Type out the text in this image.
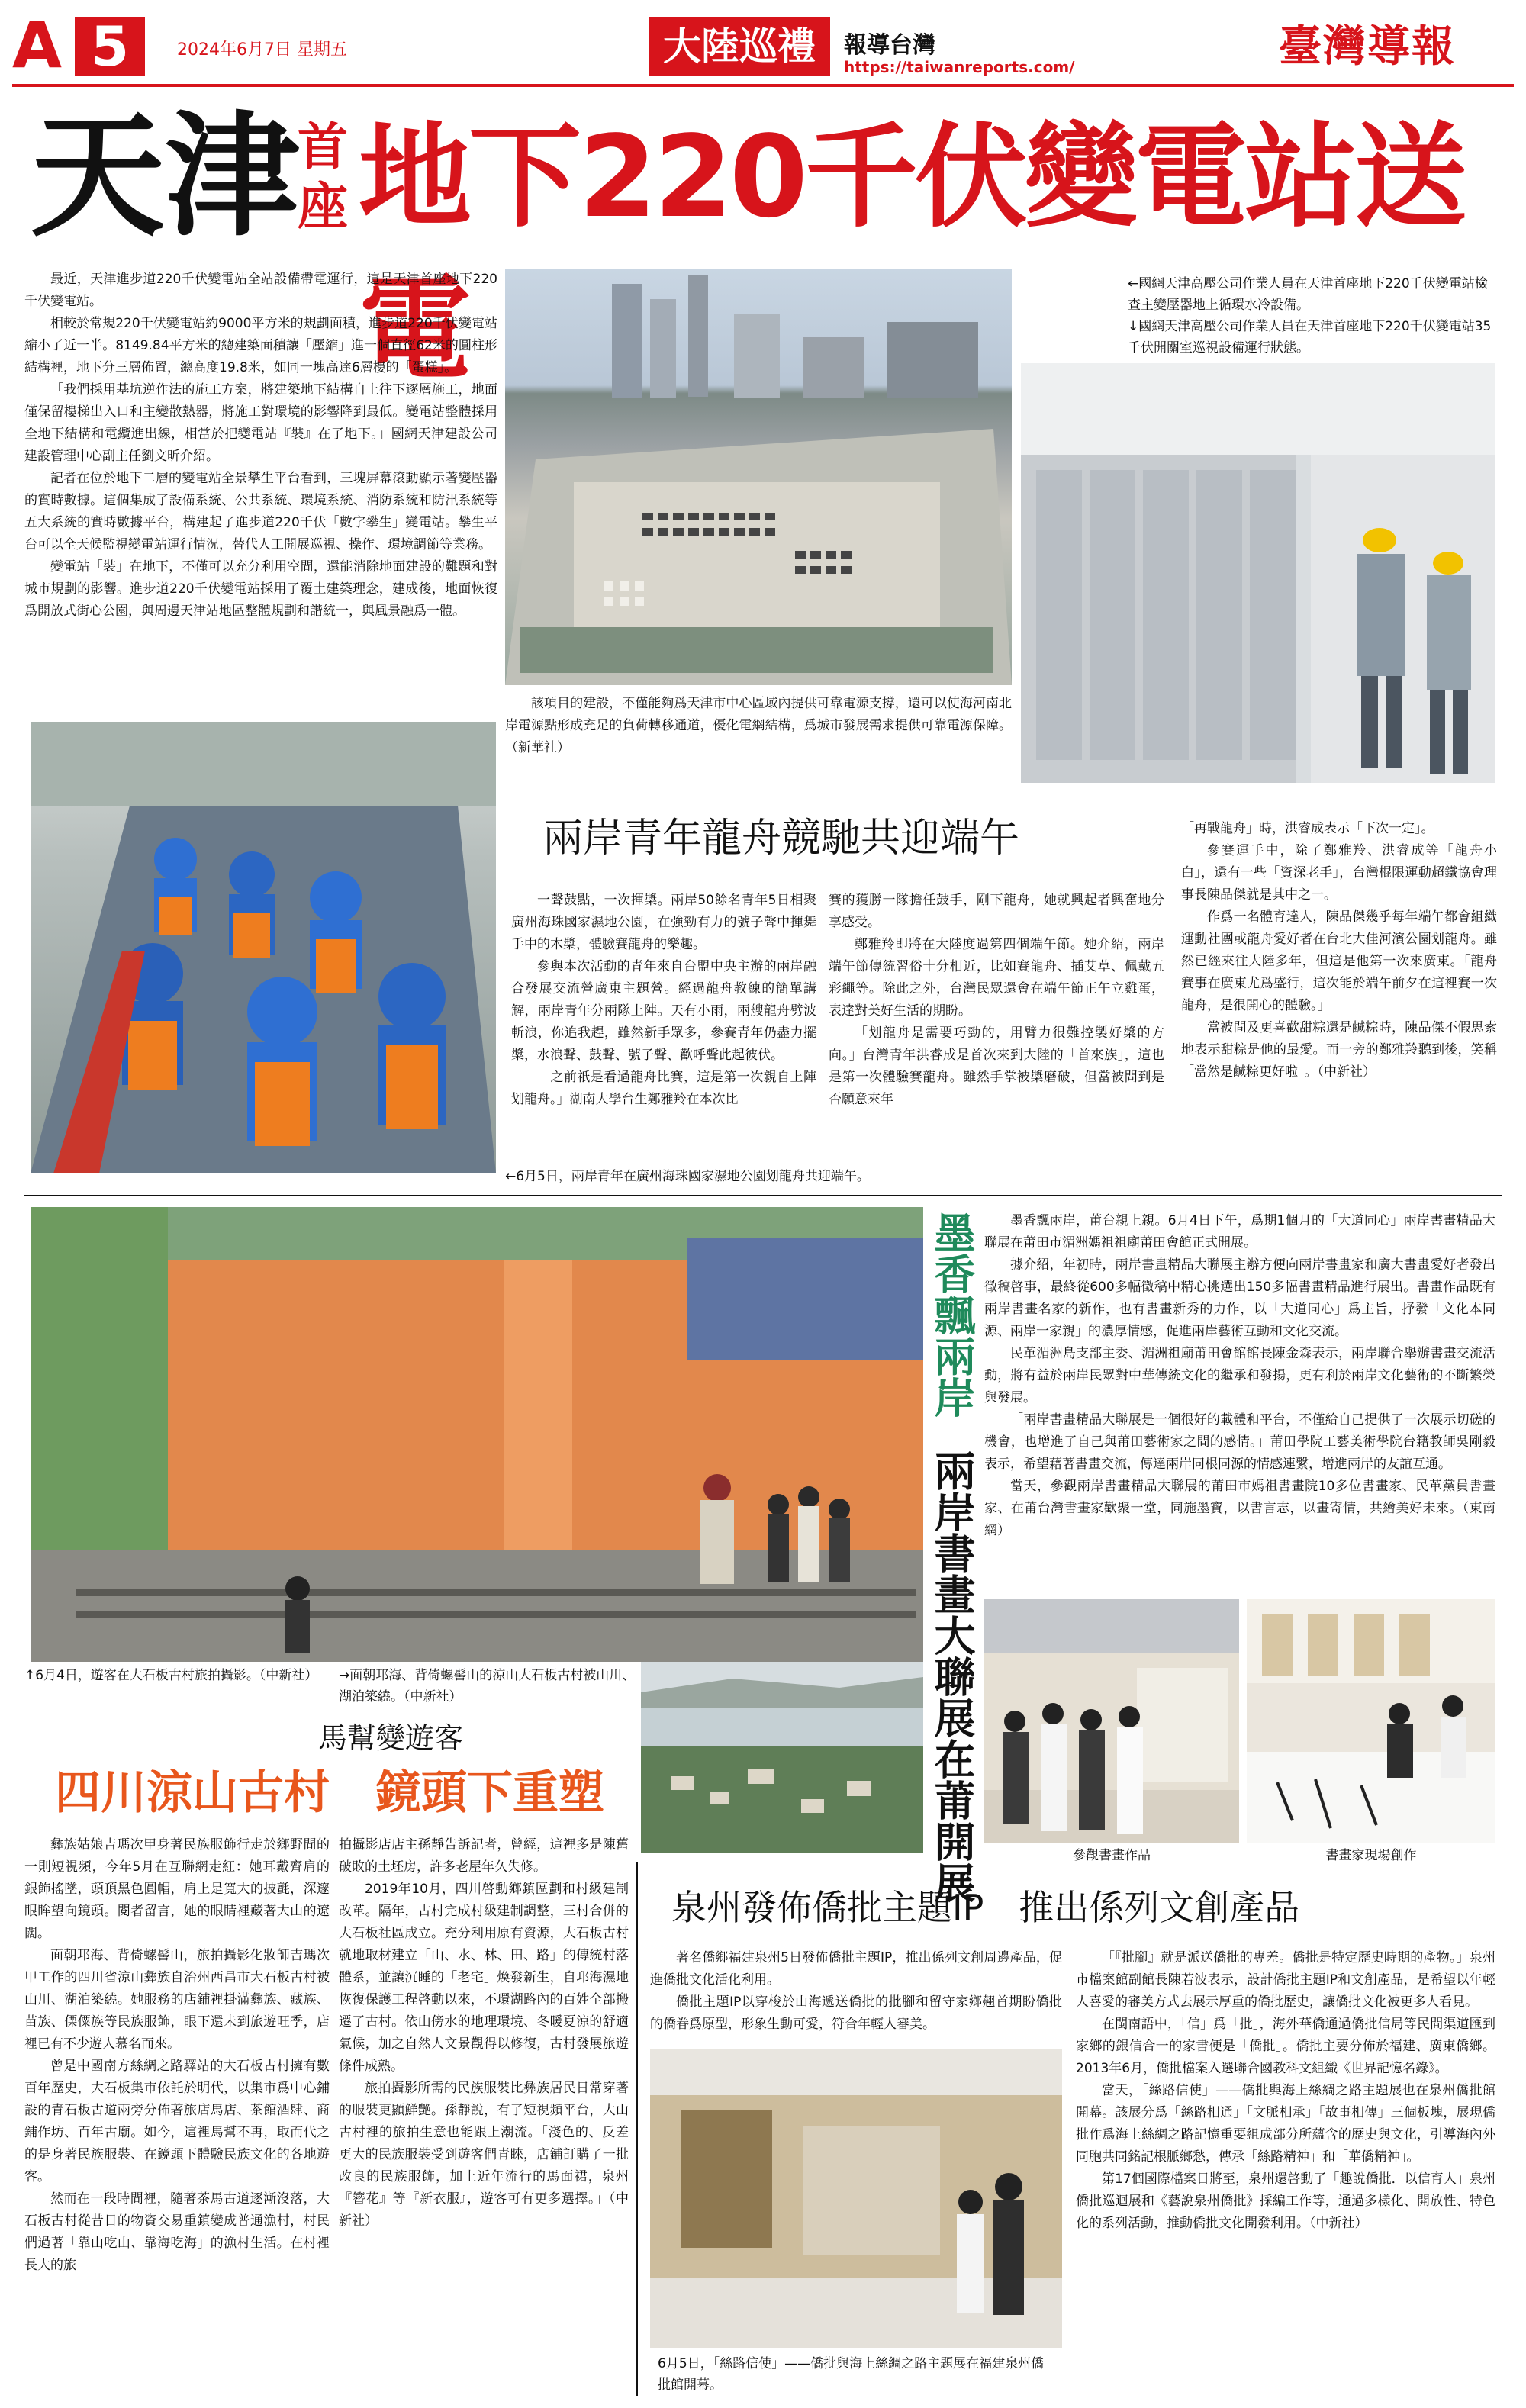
A 5	2024年6月7日 星期五	大陸巡禮	報導台灣
https://taiwanreports.com/	臺灣導報
天津
首座 地下220千伏變電站送電

最近，天津進步道220千伏變電站全站設備帶電運行，這是天津首座地下220千伏變電站。

相較於常規220千伏變電站約9000平方米的規劃面積，進步道220千伏變電站縮小了近一半。8149.84平方米的總建築面積讓「壓縮」進一個直徑62米的圓柱形結構裡，地下分三層佈置，總高度19.8米，如同一塊高達6層樓的「蛋糕」。

「我們採用基坑逆作法的施工方案，將建築地下結構自上往下逐層施工，地面僅保留樓梯出入口和主變散熱器，將施工對環境的影響降到最低。變電站整體採用全地下結構和電纜進出線，相當於把變電站『裝』在了地下。」國網天津建設公司建設管理中心副主任劉文昕介紹。

記者在位於地下二層的變電站全景攀生平台看到，三塊屏幕滾動顯示著變壓器的實時數據。這個集成了設備系統、公共系統、環境系統、消防系統和防汛系統等五大系統的實時數據平台，構建起了進步道220千伏「數字攀生」變電站。攀生平台可以全天候監視變電站運行情況，替代人工開展巡視、操作、環境調節等業務。

變電站「裝」在地下，不僅可以充分利用空間，還能消除地面建設的難題和對城市規劃的影響。進步道220千伏變電站採用了覆土建築理念，建成後，地面恢復爲開放式街心公園，與周邊天津站地區整體規劃和諧統一，與風景融爲一體。

←國網天津高壓公司作業人員在天津首座地下220千伏變電站檢查主變壓器地上循環水冷設備。
↓國網天津高壓公司作業人員在天津首座地下220千伏變電站35千伏開關室巡視設備運行狀態。

該項目的建設，不僅能夠爲天津市中心區域內提供可靠電源支撐，還可以使海河南北岸電源點形成充足的負荷轉移通道，優化電網結構，爲城市發展需求提供可靠電源保障。（新華社）

兩岸青年龍舟競馳共迎端午

一聲鼓點，一次揮槳。兩岸50餘名青年5日相聚廣州海珠國家濕地公園，在強勁有力的號子聲中揮舞手中的木槳，體驗賽龍舟的樂趣。

參與本次活動的青年來自台盟中央主辦的兩岸融合發展交流營廣東主題營。經過龍舟教練的簡單講解，兩岸青年分兩隊上陣。天有小雨，兩艘龍舟劈波斬浪，你追我趕，雖然新手眾多，參賽青年仍盡力擺槳，水浪聲、鼓聲、號子聲、歡呼聲此起彼伏。

「之前祇是看過龍舟比賽，這是第一次親自上陣划龍舟。」湖南大學台生鄭雅羚在本次比

賽的獲勝一隊擔任鼓手，剛下龍舟，她就興起者興奮地分享感受。

鄭雅羚即將在大陸度過第四個端午節。她介紹，兩岸端午節傳統習俗十分相近，比如賽龍舟、插艾草、佩戴五彩繩等。除此之外，台灣民眾還會在端午節正午立雞蛋，表達對美好生活的期盼。

「划龍舟是需要巧勁的，用臂力很難控製好槳的方向。」台灣青年洪睿成是首次來到大陸的「首來族」，這也是第一次體驗賽龍舟。雖然手掌被槳磨破，但當被問到是否願意來年

「再戰龍舟」時，洪睿成表示「下次一定」。

參賽運手中，除了鄭雅羚、洪睿成等「龍舟小白」，還有一些「資深老手」，台灣棍限運動超鐵協會理事長陳品傑就是其中之一。

作爲一名體育達人，陳品傑幾乎每年端午都會組織運動社團或龍舟愛好者在台北大佳河濱公園划龍舟。雖然已經來往大陸多年，但這是他第一次來廣東。「龍舟賽事在廣東尤爲盛行，這次能於端午前夕在這裡賽一次龍舟，是很開心的體驗。」

當被問及更喜歡甜粽還是鹹粽時，陳品傑不假思索地表示甜粽是他的最愛。而一旁的鄭雅羚聽到後，笑稱「當然是鹹粽更好啦」。（中新社）

←6月5日，兩岸青年在廣州海珠國家濕地公園划龍舟共迎端午。
墨香飄兩岸
兩岸書畫大聯展在莆開展

墨香飄兩岸，莆台親上親。6月4日下午，爲期1個月的「大道同心」兩岸書畫精品大聯展在莆田市湄洲媽祖祖廟莆田會館正式開展。

據介紹，年初時，兩岸書畫精品大聯展主辦方便向兩岸書畫家和廣大書畫愛好者發出徵稿啓事，最終從600多幅徵稿中精心挑選出150多幅書畫精品進行展出。書畫作品既有兩岸書畫名家的新作，也有書畫新秀的力作，以「大道同心」爲主旨，抒發「文化本同源、兩岸一家親」的濃厚情感，促進兩岸藝術互動和文化交流。

民革湄洲島支部主委、湄洲祖廟莆田會館館長陳金森表示，兩岸聯合舉辦書畫交流活動，將有益於兩岸民眾對中華傳統文化的繼承和發揚，更有利於兩岸文化藝術的不斷繁榮與發展。

「兩岸書畫精品大聯展是一個很好的載體和平台，不僅給自己提供了一次展示切磋的機會，也增進了自己與莆田藝術家之間的感情。」莆田學院工藝美術學院台籍教師吳剛毅表示，希望藉著書畫交流，傳達兩岸同根同源的情感連繫，增進兩岸的友誼互通。

當天，參觀兩岸書畫精品大聯展的莆田市媽祖書畫院10多位書畫家、民革黨員書畫家、在莆台灣書畫家歡聚一堂，同施墨寶，以書言志，以畫寄情，共繪美好未來。（東南網）

參觀書畫作品	書畫家現場創作
↑6月4日，遊客在大石板古村旅拍攝影。（中新社）	→面朝邛海、背倚螺髻山的涼山大石板古村被山川、湖泊築繞。（中新社）
馬幫變遊客
四川涼山古村　鏡頭下重塑

彝族姑娘吉瑪次甲身著民族服飾行走於鄉野間的一則短視頻，今年5月在互聯網走紅：她耳戴齊肩的銀飾搖墜，頭頂黑色圓帽，肩上是寬大的披氈，深邃眼眸望向鏡頭。閱者留言，她的眼睛裡藏著大山的遼闊。

面朝邛海、背倚螺髻山，旅拍攝影化妝師吉瑪次甲工作的四川省涼山彝族自治州西昌市大石板古村被山川、湖泊築繞。她服務的店鋪裡掛滿彝族、藏族、苗族、傈僳族等民族服飾，眼下還未到旅遊旺季，店裡已有不少遊人慕名而來。

曾是中國南方絲綢之路驛站的大石板古村擁有數百年歷史，大石板集市依託於明代，以集市爲中心鋪設的青石板古道兩旁分佈著旅店馬店、茶館酒肆、商鋪作坊、百年古廟。如今，這裡馬幫不再，取而代之的是身著民族服裝、在鏡頭下體驗民族文化的各地遊客。

然而在一段時間裡，隨著茶馬古道逐漸沒落，大石板古村從昔日的物資交易重鎮變成普通漁村，村民們過著「靠山吃山、靠海吃海」的漁村生活。在村裡長大的旅

拍攝影店店主孫靜告訴記者，曾經，這裡多是陳舊破敗的土坯房，許多老屋年久失修。

2019年10月，四川啓動鄉鎮區劃和村級建制改革。隔年，古村完成村級建制調整，三村合併的大石板社區成立。充分利用原有資源，大石板古村就地取材建立「山、水、林、田、路」的傳統村落體系，並讓沉睡的「老宅」煥發新生，自邛海濕地恢復保護工程啓動以來，不環湖路內的百姓全部搬遷了古村。依山傍水的地理環境、冬暖夏涼的舒適氣候，加之自然人文景觀得以修復，古村發展旅遊條件成熟。

旅拍攝影所需的民族服裝比彝族居民日常穿著的服裝更顯鮮艷。孫靜說，有了短視頻平台，大山古村裡的旅拍生意也能跟上潮流。「淺色的、反差更大的民族服裝受到遊客們青睞，店鋪訂購了一批改良的民族服飾，加上近年流行的馬面裙，泉州『簪花』等『新衣服』，遊客可有更多選擇。」（中新社）

泉州發佈僑批主題IP　推出係列文創產品

著名僑鄉福建泉州5日發佈僑批主題IP，推出係列文創周邊產品，促進僑批文化活化利用。

僑批主題IP以穿梭於山海遞送僑批的批腳和留守家鄉翹首期盼僑批的僑眷爲原型，形象生動可愛，符合年輕人審美。

6月5日，「絲路信使」——僑批與海上絲綢之路主題展在福建泉州僑批館開幕。

「『批腳』就是派送僑批的專差。僑批是特定歷史時期的產物。」泉州市檔案館副館長陳若波表示，設計僑批主題IP和文創產品，是希望以年輕人喜愛的審美方式去展示厚重的僑批歷史，讓僑批文化被更多人看見。

在閩南語中，「信」爲「批」，海外華僑通過僑批信局等民間渠道匯到家鄉的銀信合一的家書便是「僑批」。僑批主要分佈於福建、廣東僑鄉。2013年6月，僑批檔案入選聯合國教科文組織《世界記憶名錄》。

當天，「絲路信使」——僑批與海上絲綢之路主題展也在泉州僑批館開幕。該展分爲「絲路相通」「文脈相承」「故事相傳」三個板塊，展現僑批作爲海上絲綢之路記憶重要組成部分所蘊含的歷史與文化，引導海內外同胞共同銘記根脈鄉愁，傳承「絲路精神」和「華僑精神」。

第17個國際檔案日將至，泉州還啓動了「趣說僑批．以信育人」泉州僑批巡迴展和《藝說泉州僑批》採編工作等，通過多樣化、開放性、特色化的系列活動，推動僑批文化開發利用。（中新社）
